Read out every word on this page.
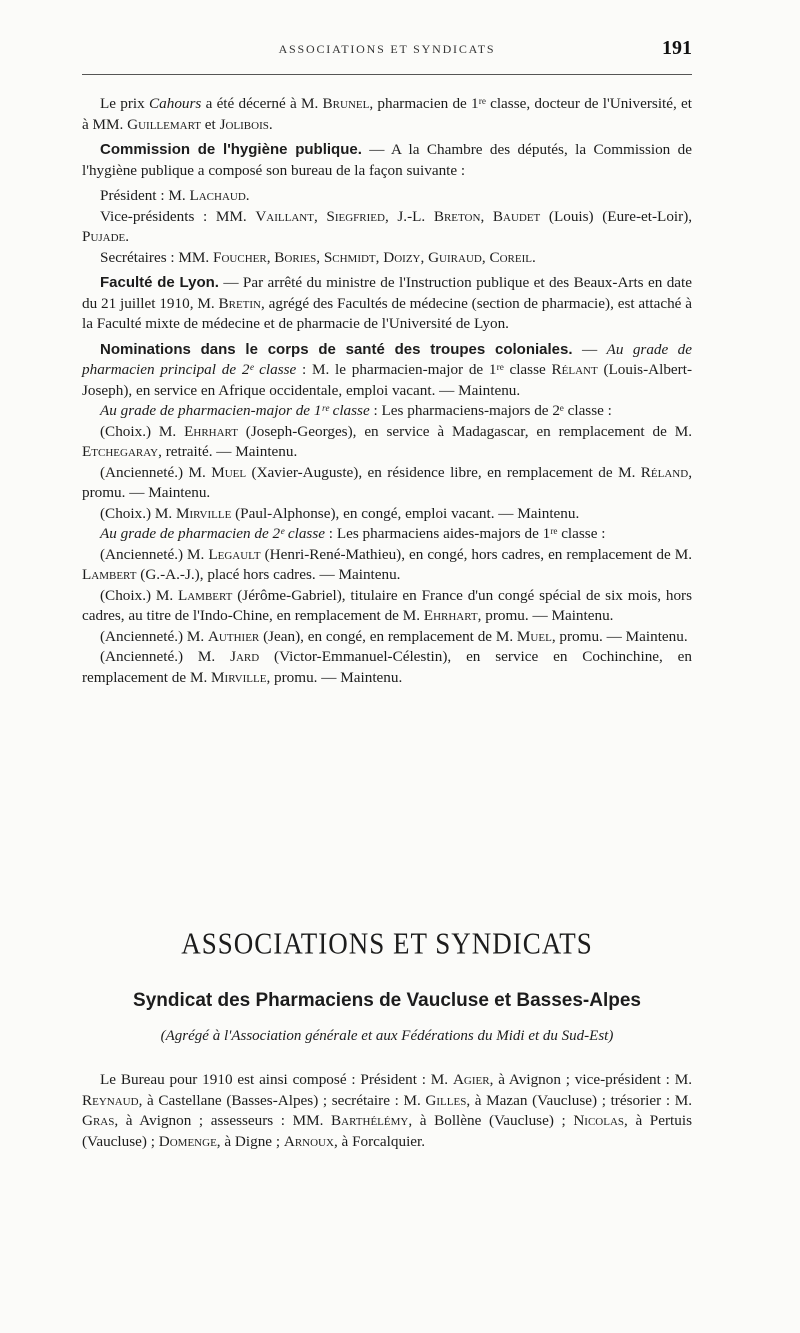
ASSOCIATIONS ET SYNDICATS	191

Le prix Cahours a été décerné à M. Brunel, pharmacien de 1ʳᵉ classe, docteur de l'Université, et à MM. Guillemart et Jolibois.

Commission de l'hygiène publique. — A la Chambre des députés, la Commission de l'hygiène publique a composé son bureau de la façon suivante :

Président : M. Lachaud.

Vice-présidents : MM. Vaillant, Siegfried, J.-L. Breton, Baudet (Louis) (Eure-et-Loir), Pujade.

Secrétaires : MM. Foucher, Bories, Schmidt, Doizy, Guiraud, Coreil.

Faculté de Lyon. — Par arrêté du ministre de l'Instruction publique et des Beaux-Arts en date du 21 juillet 1910, M. Bretin, agrégé des Facultés de médecine (section de pharmacie), est attaché à la Faculté mixte de médecine et de pharmacie de l'Université de Lyon.

Nominations dans le corps de santé des troupes coloniales. — Au grade de pharmacien principal de 2ᵉ classe : M. le pharmacien-major de 1ʳᵉ classe Rélant (Louis-Albert-Joseph), en service en Afrique occidentale, emploi vacant. — Maintenu.

Au grade de pharmacien-major de 1ʳᵉ classe : Les pharmaciens-majors de 2ᵉ classe :

(Choix.) M. Ehrhart (Joseph-Georges), en service à Madagascar, en remplacement de M. Etchegaray, retraité. — Maintenu.

(Ancienneté.) M. Muel (Xavier-Auguste), en résidence libre, en remplacement de M. Réland, promu. — Maintenu.

(Choix.) M. Mirville (Paul-Alphonse), en congé, emploi vacant. — Maintenu.

Au grade de pharmacien de 2ᵉ classe : Les pharmaciens aides-majors de 1ʳᵉ classe :

(Ancienneté.) M. Legault (Henri-René-Mathieu), en congé, hors cadres, en remplacement de M. Lambert (G.-A.-J.), placé hors cadres. — Maintenu.

(Choix.) M. Lambert (Jérôme-Gabriel), titulaire en France d'un congé spécial de six mois, hors cadres, au titre de l'Indo-Chine, en remplacement de M. Ehrhart, promu. — Maintenu.

(Ancienneté.) M. Authier (Jean), en congé, en remplacement de M. Muel, promu. — Maintenu.

(Ancienneté.) M. Jard (Victor-Emmanuel-Célestin), en service en Cochinchine, en remplacement de M. Mirville, promu. — Maintenu.

ASSOCIATIONS ET SYNDICATS
Syndicat des Pharmaciens de Vaucluse et Basses-Alpes
(Agrégé à l'Association générale et aux Fédérations du Midi et du Sud-Est)

Le Bureau pour 1910 est ainsi composé : Président : M. Agier, à Avignon ; vice-président : M. Reynaud, à Castellane (Basses-Alpes) ; secrétaire : M. Gilles, à Mazan (Vaucluse) ; trésorier : M. Gras, à Avignon ; assesseurs : MM. Barthélémy, à Bollène (Vaucluse) ; Nicolas, à Pertuis (Vaucluse) ; Domenge, à Digne ; Arnoux, à Forcalquier.
